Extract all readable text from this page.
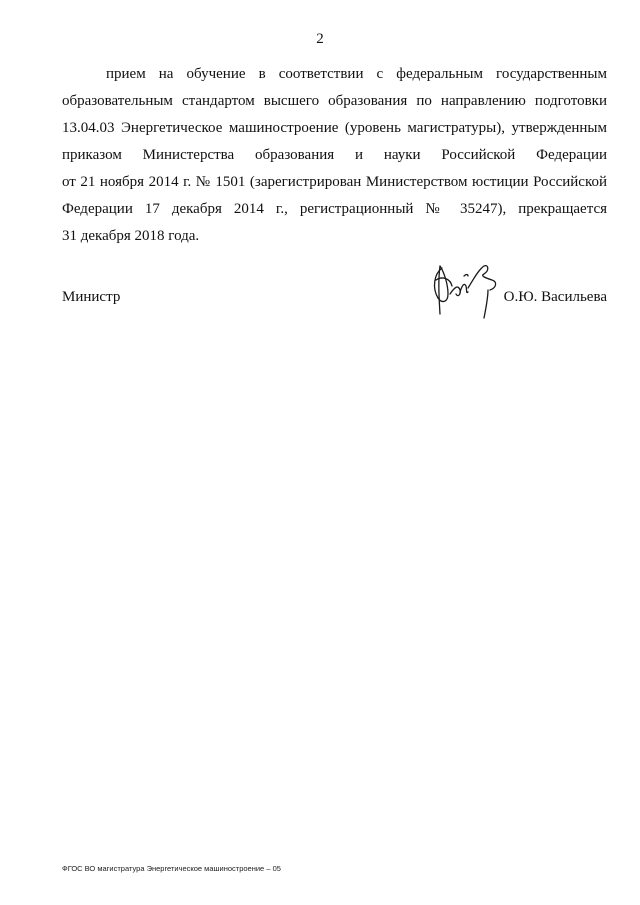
2
прием на обучение в соответствии с федеральным государственным
образовательным стандартом высшего образования по направлению подготовки
13.04.03 Энергетическое машиностроение (уровень магистратуры), утвержденным
приказом Министерства образования и науки Российской Федерации
от 21 ноября 2014 г. № 1501 (зарегистрирован Министерством юстиции Российской
Федерации 17 декабря 2014 г., регистрационный № 35247), прекращается
31 декабря 2018 года.
Министр	О.Ю. Васильева
ФГОС ВО магистратура Энергетическое машиностроение – 05
